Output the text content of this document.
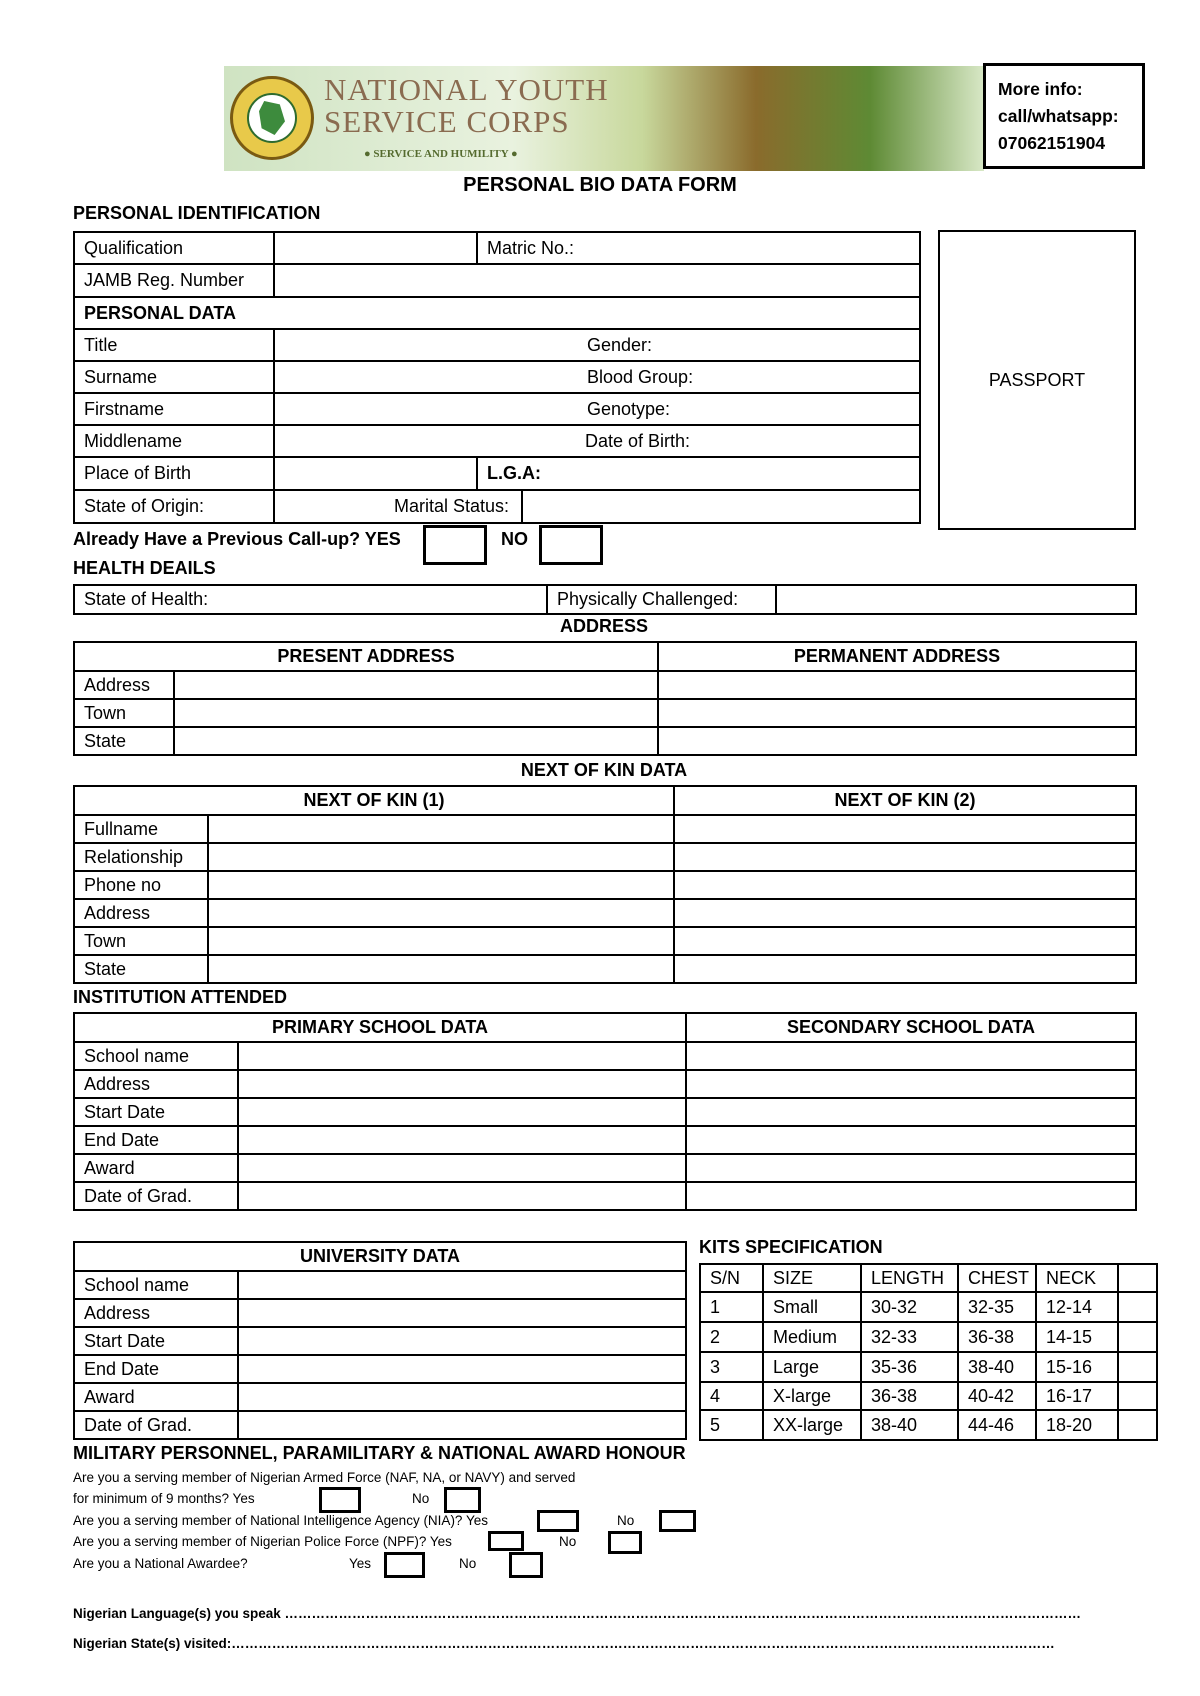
NATIONAL YOUTH
SERVICE CORPS
● SERVICE AND HUMILITY ●
More info:
call/whatsapp:
07062151904
PERSONAL BIO DATA FORM
PERSONAL IDENTIFICATION
Qualification		Matric No.:	
JAMB Reg. Number			
PERSONAL DATA			
Title	Gender:		
Surname	Blood Group:		
Firstname	Genotype:		
Middlename	Date of Birth:		
Place of Birth		L.G.A:	
State of Origin:	Marital Status:		
PASSPORT
Already Have a Previous Call-up? YES	NO
HEALTH DEAILS
State of Health:	Physically Challenged:	
ADDRESS
PRESENT ADDRESS		PERMANENT ADDRESS
Address		
Town		
State		
NEXT OF KIN DATA
NEXT OF KIN (1)		NEXT OF KIN (2)
Fullname		
Relationship		
Phone no		
Address		
Town		
State		
INSTITUTION ATTENDED
PRIMARY SCHOOL DATA		SECONDARY SCHOOL DATA
School name		
Address		
Start Date		
End Date		
Award		
Date of Grad.		
UNIVERSITY DATA	
School name	
Address	
Start Date	
End Date	
Award	
Date of Grad.	
KITS SPECIFICATION
S/N	SIZE	LENGTH	CHEST	NECK	
1	Small	30-32	32-35	12-14	
2	Medium	32-33	36-38	14-15	
3	Large	35-36	38-40	15-16	
4	X-large	36-38	40-42	16-17	
5	XX-large	38-40	44-46	18-20	
MILITARY PERSONNEL, PARAMILITARY & NATIONAL AWARD HONOUR
Are you a serving member of Nigerian Armed Force (NAF, NA, or NAVY) and served
for minimum of 9 months? Yes	No
Are you a serving member of National Intelligence Agency (NIA)? Yes	No
Are you a serving member of Nigerian Police Force (NPF)? Yes	No
Are you a National Awardee?	Yes	No
Nigerian Language(s) you speak ……………………………………………………………………………………………………………………………………………………………
Nigerian State(s) visited:…………………………………………………………………………………………………………………………………………………………………
